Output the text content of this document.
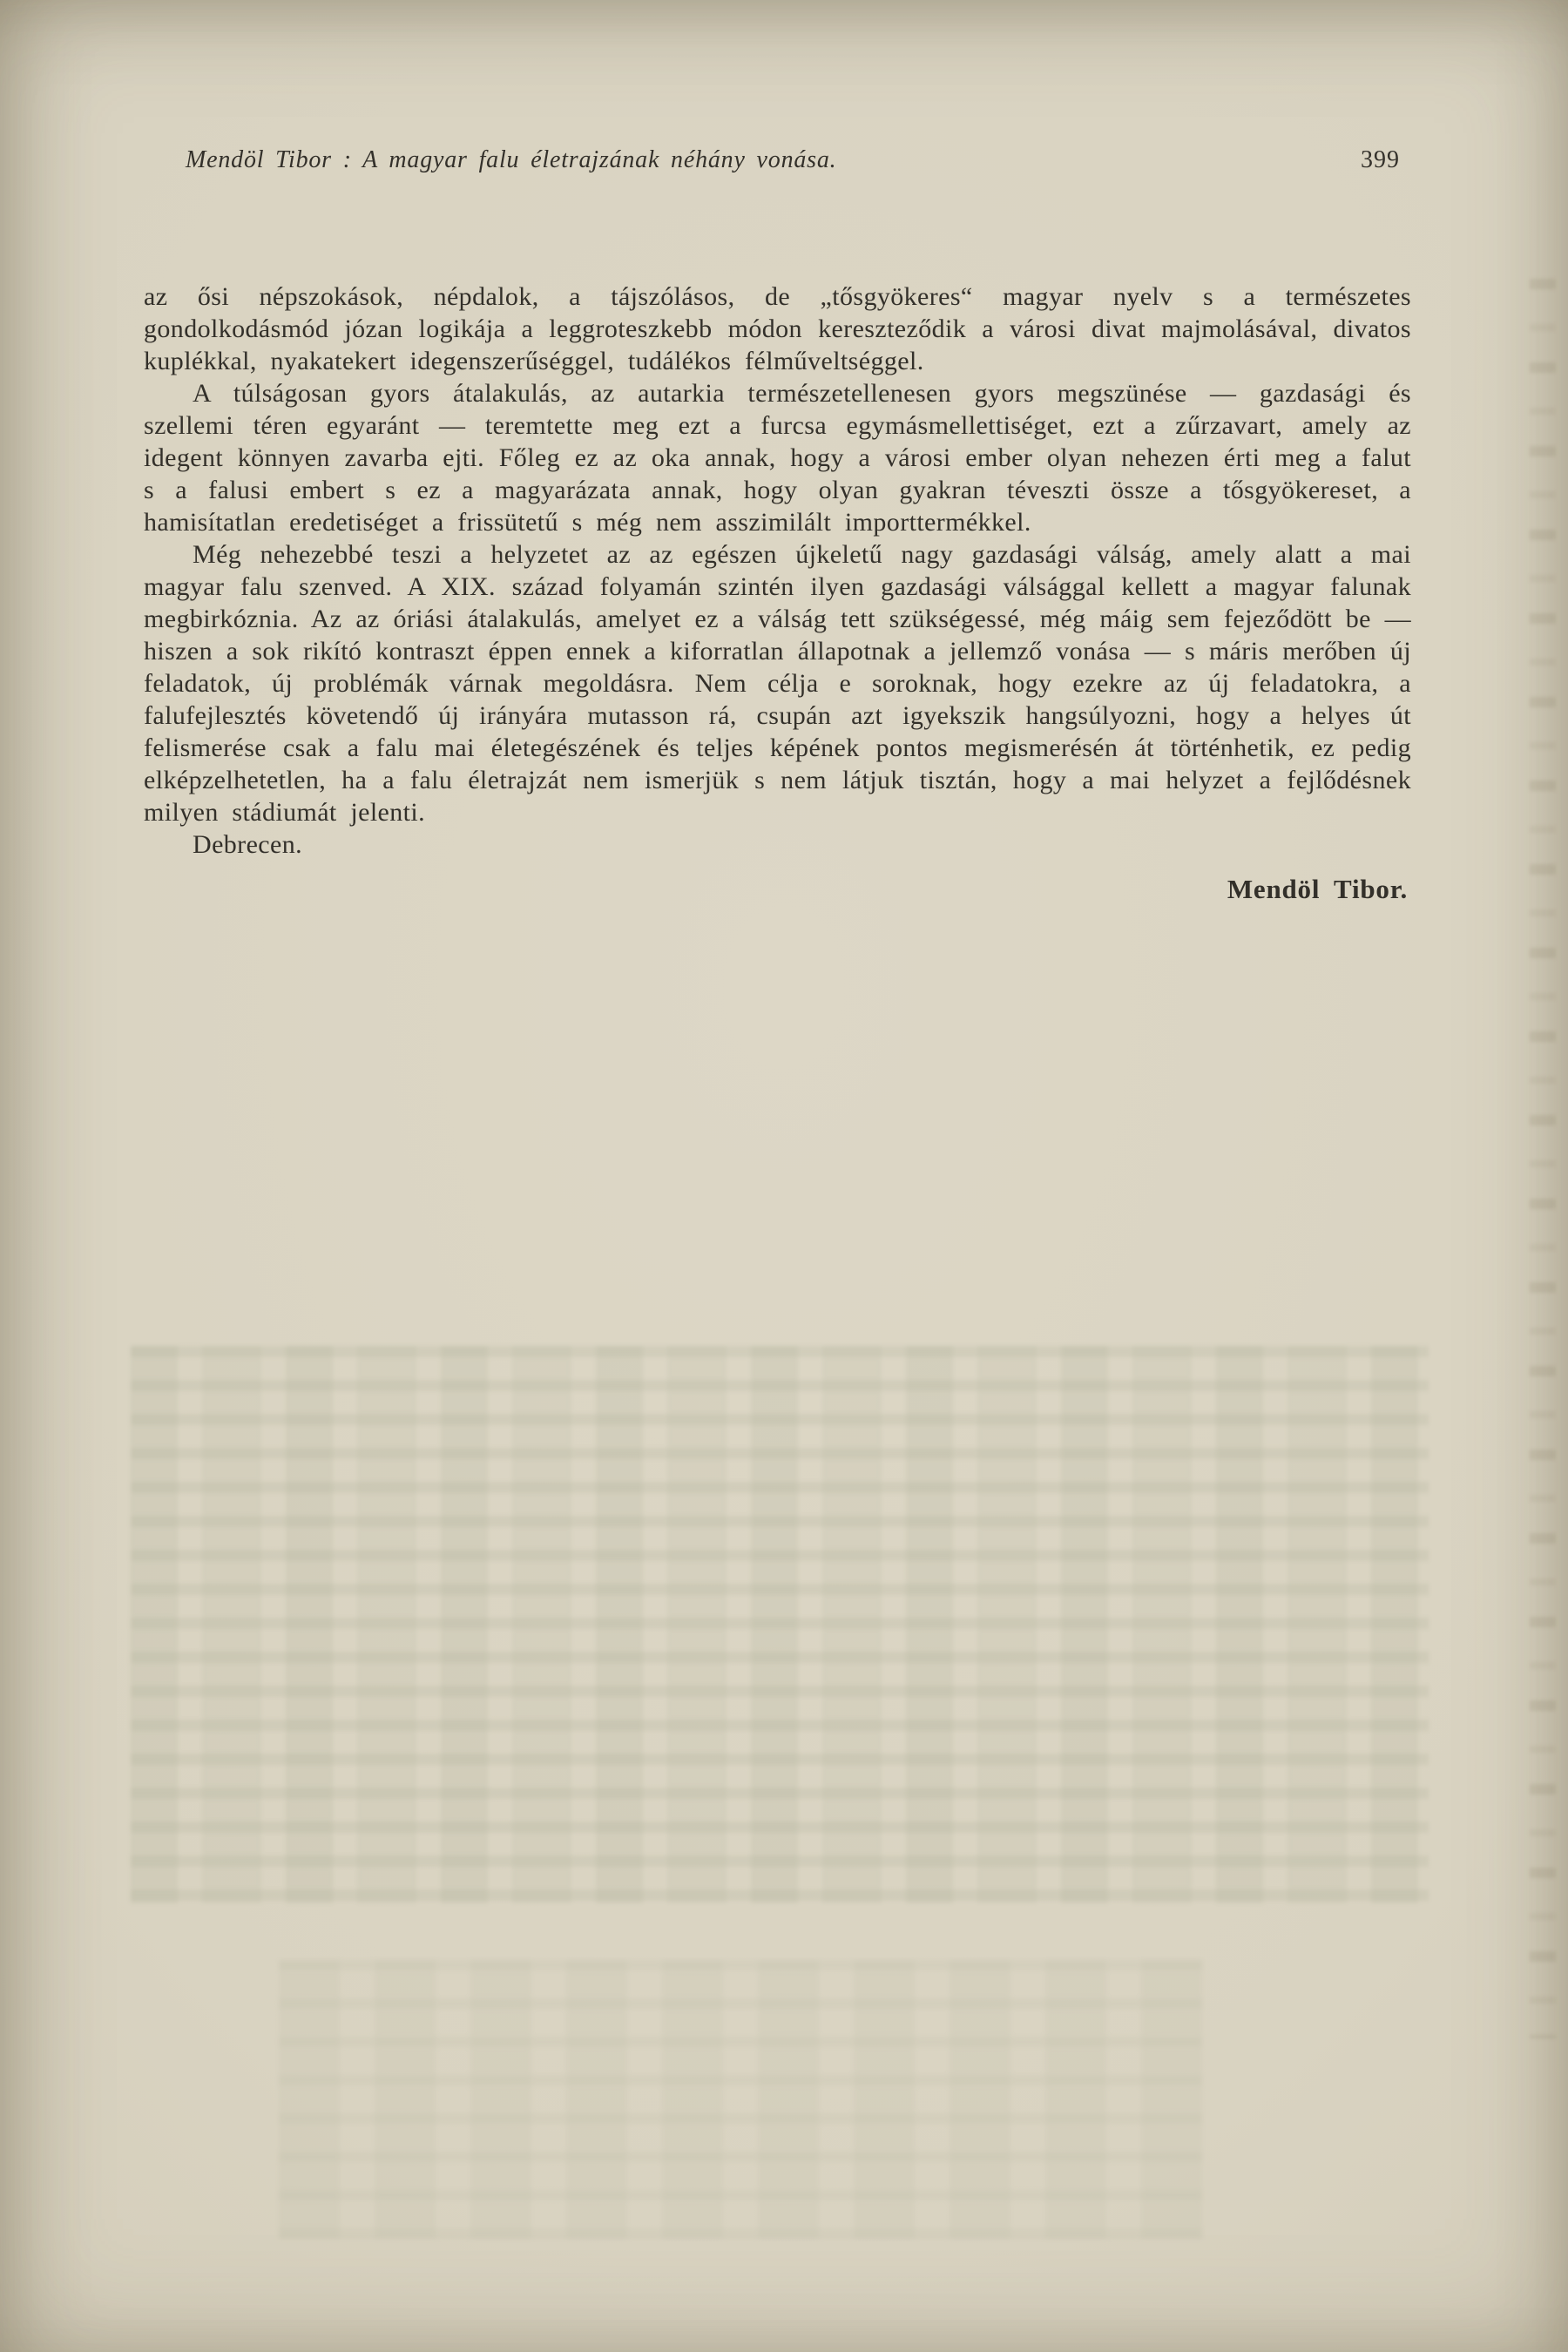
Mendöl Tibor : A magyar falu életrajzának néhány vonása.	399

az ősi népszokások, népdalok, a tájszólásos, de „tősgyökeres“ magyar nyelv s a természetes gondolkodásmód józan logikája a leggroteszkebb módon kereszteződik a városi divat majmolásával, divatos kuplékkal, nyakatekert idegenszerűséggel, tudálékos félműveltséggel.

A túlságosan gyors átalakulás, az autarkia természetellenesen gyors megszünése — gazdasági és szellemi téren egyaránt — teremtette meg ezt a furcsa egymásmellettiséget, ezt a zűrzavart, amely az idegent könnyen zavarba ejti. Főleg ez az oka annak, hogy a városi ember olyan nehezen érti meg a falut s a falusi embert s ez a magyarázata annak, hogy olyan gyakran téveszti össze a tősgyökereset, a hamisítatlan eredetiséget a frissütetű s még nem asszimilált importtermékkel.

Még nehezebbé teszi a helyzetet az az egészen újkeletű nagy gazdasági válság, amely alatt a mai magyar falu szenved. A XIX. század folyamán szintén ilyen gazdasági válsággal kellett a magyar falunak megbirkóznia. Az az óriási átalakulás, amelyet ez a válság tett szükségessé, még máig sem fejeződött be — hiszen a sok rikító kontraszt éppen ennek a kiforratlan állapotnak a jellemző vonása — s máris merőben új feladatok, új problémák várnak megoldásra. Nem célja e soroknak, hogy ezekre az új feladatokra, a falufejlesztés követendő új irányára mutasson rá, csupán azt igyekszik hangsúlyozni, hogy a helyes út felismerése csak a falu mai életegészének és teljes képének pontos megismerésén át történhetik, ez pedig elképzelhetetlen, ha a falu életrajzát nem ismerjük s nem látjuk tisztán, hogy a mai helyzet a fejlődésnek milyen stádiumát jelenti.

Debrecen.

Mendöl Tibor.
